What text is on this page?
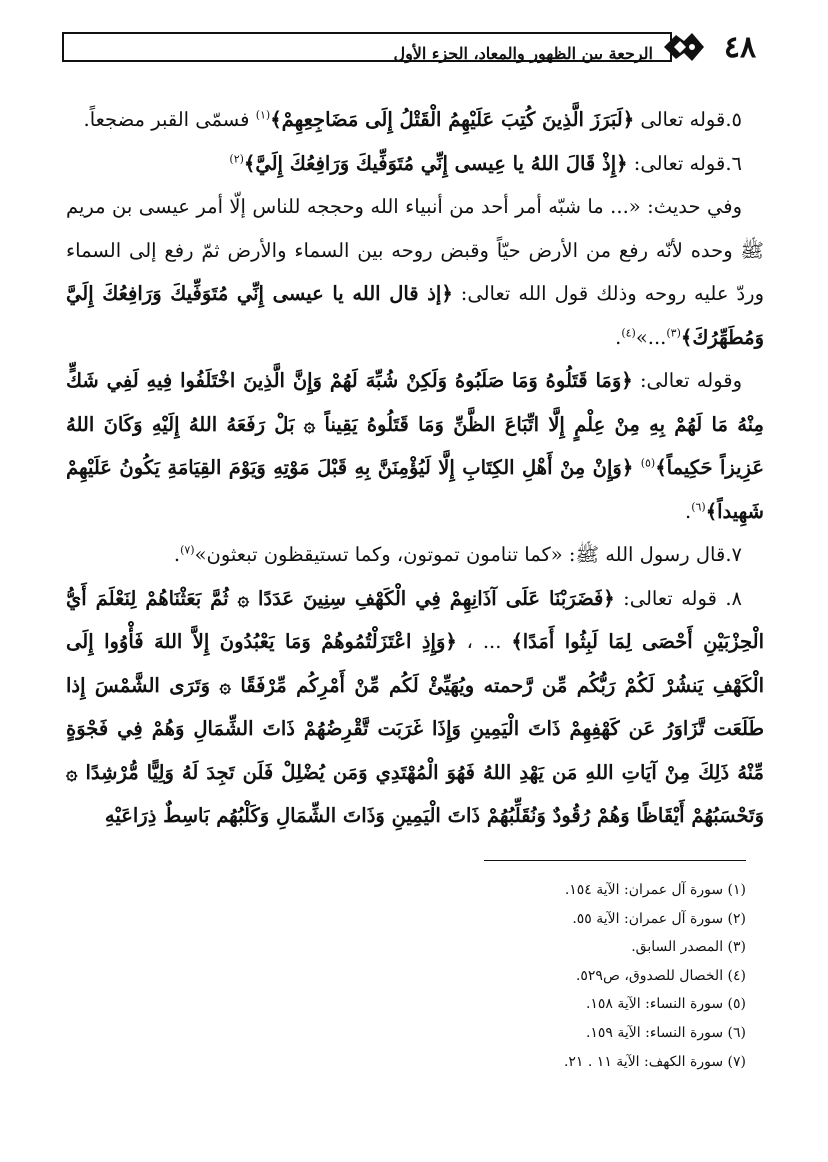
الرجعة بين الظهور والمعاد، الجزء الأول	٤٨

٥.قوله تعالى ﴿لَبَرَزَ الَّذِينَ كُتِبَ عَلَيْهِمُ الْقَتْلُ إِلَى مَضَاجِعِهِمْ﴾$^{(١)}$ فسمّى القبر مضجعاً.

٦.قوله تعالى: ﴿إِذْ قَالَ اللهُ يا عِيسى إِنِّي مُتَوَفِّيكَ وَرَافِعُكَ إِلَيَّ﴾$^{(٢)}$

وفي حديث: «... ما شبّه أمر أحد من أنبياء الله وحججه للناس إلّا أمر عيسى بن مريم ﷺ وحده لأنّه رفع من الأرض حيّاً وقبض روحه بين السماء والأرض ثمّ رفع إلى السماء وردّ عليه روحه وذلك قول الله تعالى: ﴿إذ قال الله يا عيسى إِنِّي مُتَوَفِّيكَ وَرَافِعُكَ إِلَيَّ وَمُطَهِّرُكَ﴾$^{(٣)}$...»$^{(٤)}$.

وقوله تعالى: ﴿وَمَا قَتَلُوهُ وَمَا صَلَبُوهُ وَلَكِنْ شُبِّهَ لَهُمْ وَإِنَّ الَّذِينَ اخْتَلَفُوا فِيهِ لَفِي شَكٍّ مِنْهُ مَا لَهُمْ بِهِ مِنْ عِلْمٍ إِلَّا اتِّبَاعَ الظَّنِّ وَمَا قَتَلُوهُ يَقِيناً ۞ بَلْ رَفَعَهُ اللهُ إِلَيْهِ وَكَانَ اللهُ عَزِيزاً حَكِيماً﴾$^{(٥)}$ ﴿وَإِنْ مِنْ أَهْلِ الكِتَابِ إِلَّا لَيُؤْمِنَنَّ بِهِ قَبْلَ مَوْتِهِ وَيَوْمَ القِيَامَةِ يَكُونُ عَلَيْهِمْ شَهِيداً﴾$^{(٦)}$.

٧.قال رسول الله ﷺ: «كما تنامون تموتون، وكما تستيقظون تبعثون»$^{(٧)}$.

٨. قوله تعالى: ﴿فَضَرَبْنَا عَلَى آذَانِهِمْ فِي الْكَهْفِ سِنِينَ عَدَدًا ۞ ثُمَّ بَعَثْنَاهُمْ لِنَعْلَمَ أَيُّ الْحِزْبَيْنِ أَحْصَى لِمَا لَبِثُوا أَمَدًا﴾ ... ، ﴿وَإِذِ اعْتَزَلْتُمُوهُمْ وَمَا يَعْبُدُونَ إِلاَّ اللهَ فَأْوُوا إِلَى الْكَهْفِ يَنشُرْ لَكُمْ رَبُّكُم مِّن رَّحمته ويُهَيِّئْ لَكُم مِّنْ أَمْرِكُم مِّرْفَقًا ۞ وَتَرَى الشَّمْسَ إِذا طَلَعَت تَّزَاوَرُ عَن كَهْفِهِمْ ذَاتَ الْيَمِينِ وَإِذَا غَرَبَت تَّقْرِضُهُمْ ذَاتَ الشِّمَالِ وَهُمْ فِي فَجْوَةٍ مِّنْهُ ذَلِكَ مِنْ آيَاتِ اللهِ مَن يَهْدِ اللهُ فَهُوَ الْمُهْتَدِي وَمَن يُضْلِلْ فَلَن تَجِدَ لَهُ وَلِيًّا مُّرْشِدًا ۞ وَتَحْسَبُهُمْ أَيْقَاظًا وَهُمْ رُقُودٌ وَنُقَلِّبُهُمْ ذَاتَ الْيَمِينِ وَذَاتَ الشِّمَالِ وَكَلْبُهُم بَاسِطٌ ذِرَاعَيْهِ

(١) سورة آل عمران: الآية ١٥٤.
(٢) سورة آل عمران: الآية ٥٥.
(٣) المصدر السابق.
(٤) الخصال للصدوق، ص٥٢٩.
(٥) سورة النساء: الآية ١٥٨.
(٦) سورة النساء: الآية ١٥٩.
(٧) سورة الكهف: الآية ١١ . ٢١.
